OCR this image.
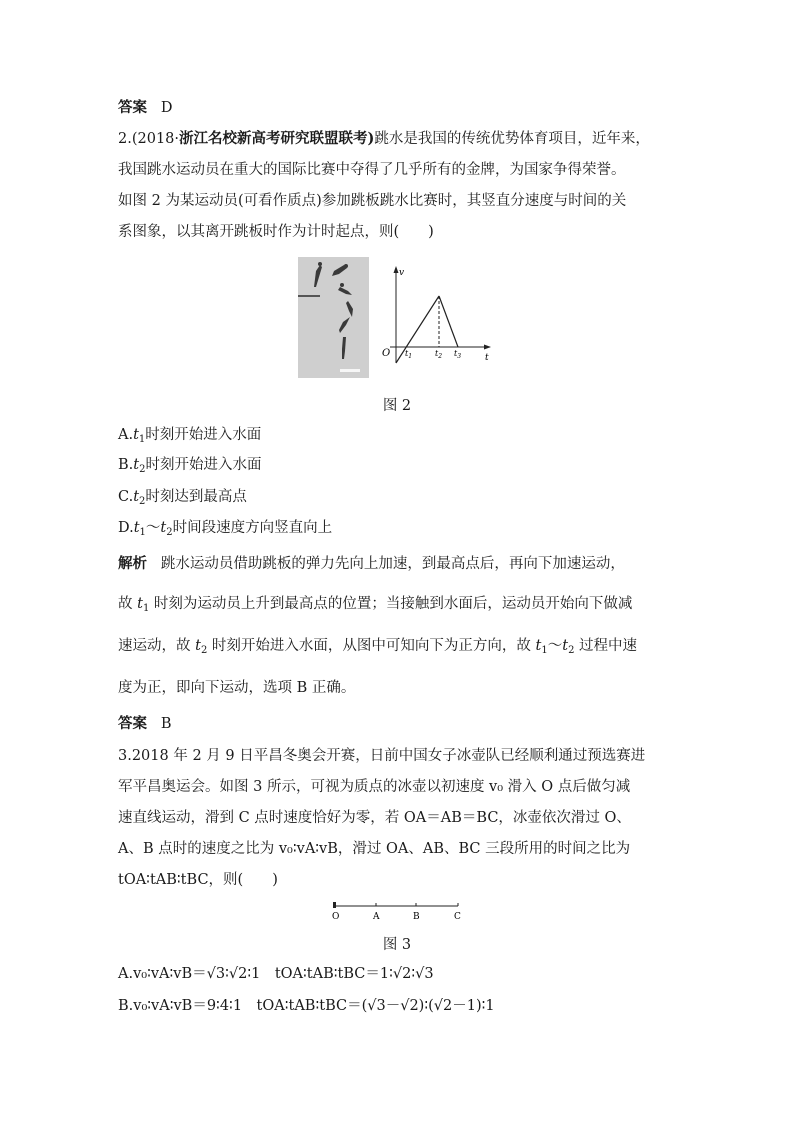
答案 D
2.(2018·浙江名校新高考研究联盟联考)跳水是我国的传统优势体育项目，近年来，
我国跳水运动员在重大的国际比赛中夺得了几乎所有的金牌，为国家争得荣誉。
如图 2 为某运动员(可看作质点)参加跳板跳水比赛时，其竖直分速度与时间的关
系图象，以其离开跳板时作为计时起点，则(　　)
v
t
O $t_1$	$t_2$ $t_3$
图 2
$A.t_1$时刻开始进入水面
$B.t_2$时刻开始进入水面
$C.t_2$时刻达到最高点
$D.t_1\sim t_2$时间段速度方向竖直向上
解析 跳水运动员借助跳板的弹力先向上加速，到最高点后，再向下加速运动，
故 $t_1$ 时刻为运动员上升到最高点的位置；当接触到水面后，运动员开始向下做减
速运动，故 $t_2$ 时刻开始进入水面，从图中可知向下为正方向，故 $t_1\sim t_2$ 过程中速
度为正，即向下运动，选项 B 正确。
答案 B
3.2018 年 2 月 9 日平昌冬奥会开赛，日前中国女子冰壶队已经顺利通过预选赛进
军平昌奥运会。如图 3 所示，可视为质点的冰壶以初速度 v₀ 滑入 O 点后做匀减
速直线运动，滑到 C 点时速度恰好为零，若 OA＝AB＝BC，冰壶依次滑过 O、
A、B 点时的速度之比为 v₀∶vA∶vB，滑过 OA、AB、BC 三段所用的时间之比为
tOA∶tAB∶tBC，则(　　)
O	A	B	C
图 3
A.v₀∶vA∶vB＝√3∶√2∶1　tOA∶tAB∶tBC＝1∶√2∶√3
B.v₀∶vA∶vB＝9∶4∶1　tOA∶tAB∶tBC＝(√3－√2)∶(√2－1)∶1
